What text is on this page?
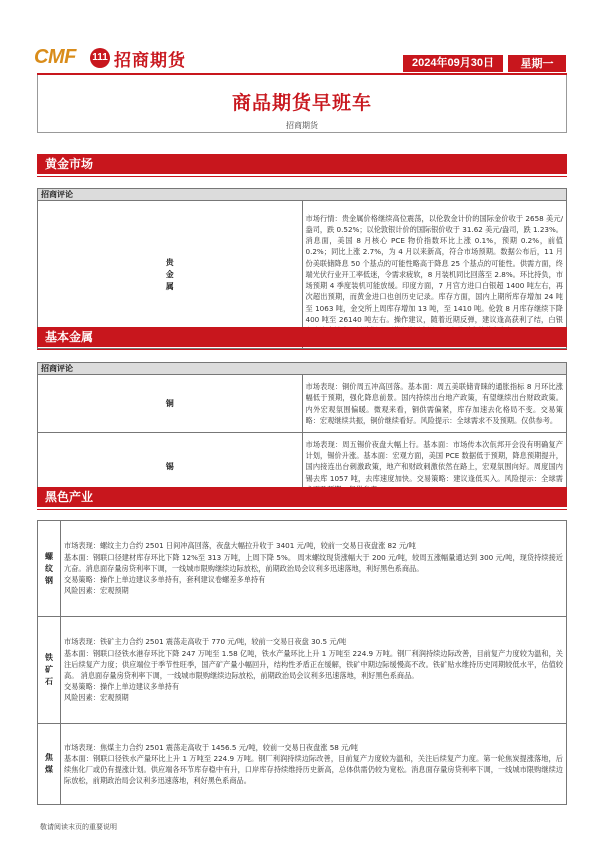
CMF 111 招商期货	2024年09月30日	星期一
商品期货早班车
招商期货
黄金市场
招商评论
贵金属	市场行情：贵金属价格继续高位震荡，以伦敦金计价的国际金价收于 2658 美元/盎司，跌 0.52%；以伦敦银计价的国际银价收于 31.62 美元/盎司，跌 1.23%。消息面，美国 8 月核心 PCE 物价指数环比上涨 0.1%，预期 0.2%，前值 0.2%；同比上涨 2.7%，为 4 月以来新高，符合市场预期。数据公布后，11 月份美联储降息 50 个基点的可能性略高于降息 25 个基点的可能性。供需方面，终端光伏行业开工率低迷，令需求疲软，8 月装机同比回落至 2.8%。环比持负，市场预期 4 季度装机可能放缓。印度方面，7 月官方进口白银超 1400 吨左右，再次超出预期，而黄金进口也创历史记录。库存方面，国内上期所库存增加 24 吨至 1063 吨，金交所上周库存增加 13 吨，至 1410 吨。伦敦 8 月库存继续下降 400 吨至 26140 吨左右。操作建议，随着近期反弹，建议逢高获利了结，白银
基本金属
招商评论	
铜	市场表现：铜价周五冲高回落。基本面：周五美联储青睐的通胀指标 8 月环比涨幅低于预期，强化降息前景。国内持续出台地产政策，有望继续出台财政政策。内外宏观氛围偏暖。微观来看，铜供需偏紧，库存加速去化格局不变。交易策略：宏观继续共振，铜价继续看好。风险提示：全球需求不及预期。仅供参考。
锡	市场表现：周五锡价夜盘大幅上行。基本面：市场传本次佤邦开会没有明确复产计划，锡价升涨。基本面：宏观方面，美国 PCE 数据低于预期，降息预期提升，国内接连出台刺激政策，地产和财政刺激依然在路上，宏观氛围向好。周度国内锡去库 1057 吨，去库速度加快。交易策略：建议逢低买入。风险提示：全球需
黑色产业
螺纹钢	市场表现：螺纹主力合约 2501 日间冲高回落，夜盘大幅拉升收于 3401 元/吨，较前一交易日夜盘涨 82 元/吨

基本面：钢联口径建材库存环比下降 12%至 313 万吨，上周下降 5%。 周末螺纹现货涨幅大于 200 元/吨，较周五涨幅量通达到 300 元/吨，现货持续接近亢奋。消息面存量房贷利率下调，一线城市限购继续边际放松，前期政治局会议利多迅速落地，利好黑色系商品。

交易策略：操作上单边建议多单持有，套利建议卷螺差多单持有

风险因素：宏观预期

铁矿石	市场表现：铁矿主力合约 2501 震荡走高收于 770 元/吨，较前一交易日夜盘 30.5 元/吨

基本面：钢联口径铁水港存环比下降 247 万吨至 1.58 亿吨，铁水产量环比上升 1 万吨至 224.9 万吨。钢厂利润持续边际改善，目前复产力度较为温和，关注后续复产力度；供应端位于季节性旺季，国产矿产量小幅回升，结构性矛盾正在缓解，铁矿中期边际缓慢高不改。铁矿贴水维持历史同期较低水平，估值较高。 消息面存量房贷利率下调，一线城市限购继续边际放松，前期政治局会议利多迅速落地，利好黑色系商品。

交易策略：操作上单边建议多单持有

风险因素：宏观预期

焦煤	市场表现：焦煤主力合约 2501 震荡走高收于 1456.5 元/吨，较前一交易日夜盘涨 58 元/吨

基本面：钢联口径铁水产量环比上升 1 万吨至 224.9 万吨。钢厂利润持续边际改善，目前复产力度较为温和，关注后续复产力度。第一轮焦炭提涨落地，后续焦化厂或仍有提涨计划。供应端各环节库存稳中有升，口岸库存持续维持历史新高，总体供需仍较为宽松。消息面存量房贷利率下调，一线城市限购继续边际放松，前期政治局会议利多迅速落地，利好黑色系商品。

敬请阅读末页的重要说明
